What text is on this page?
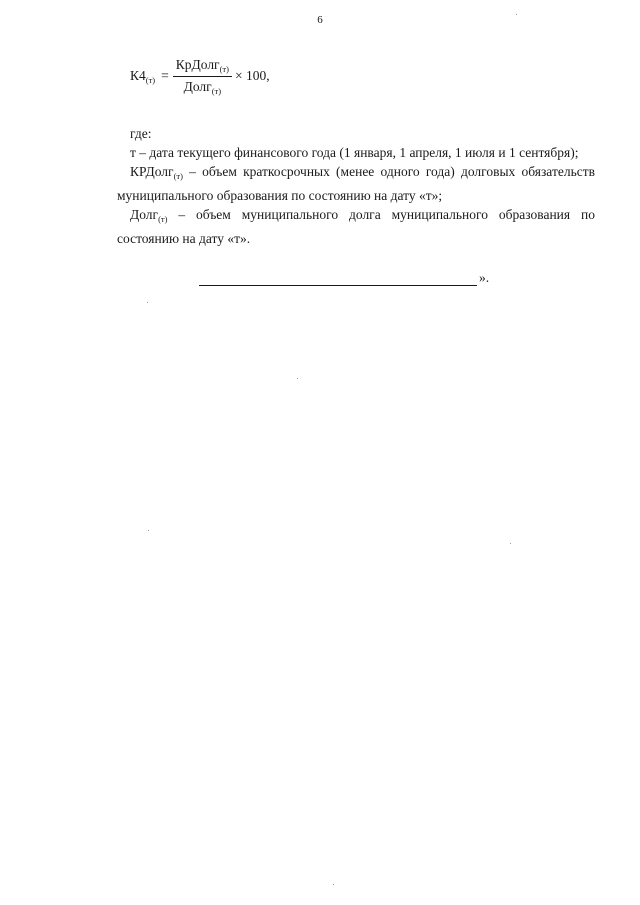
6
$К4_{(т)} = \frac{КрДолг_{(т)}}{Долг_{(т)}} \times 100$,

где:

т – дата текущего финансового года (1 января, 1 апреля, 1 июля и 1 сентября);

КРДолг$_{(т)}$ – объем краткосрочных (менее одного года) долговых обязательств муниципального образования по состоянию на дату «т»;

Долг$_{(т)}$ – объем муниципального долга муниципального образования по состоянию на дату «т».

».
